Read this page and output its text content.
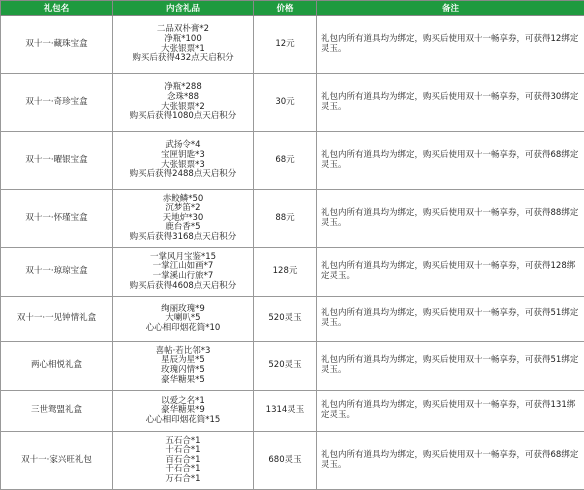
礼包名	内含礼品	价格	备注
双十一·藏珠宝盒	二品双朴膏*2
净瓶*100
大张银票*1
购买后获得432点天启积分	12元	礼包内所有道具均为绑定，购买后使用双十一畅享券，可获得12绑定灵玉。
双十一·奇珍宝盒	净瓶*288
念珠*88
大张银票*2
购买后获得1080点天启积分	30元	礼包内所有道具均为绑定，购买后使用双十一畅享券，可获得30绑定灵玉。
双十一·曜银宝盒	武扬令*4
宝匣钥匙*3
大张银票*3
购买后获得2488点天启积分	68元	礼包内所有道具均为绑定，购买后使用双十一畅享券，可获得68绑定灵玉。
双十一·怀瑾宝盒	赤鲛鳞*50
沉梦笛*2
天地炉*30
鹿台香*5
购买后获得3168点天启积分	88元	礼包内所有道具均为绑定，购买后使用双十一畅享券，可获得88绑定灵玉。
双十一·琼琼宝盒	一掌风月宝鉴*15
一掌江山如画*7
一掌溪山行旅*7
购买后获得4608点天启积分	128元	礼包内所有道具均为绑定，购买后使用双十一畅享券，可获得128绑定灵玉。
双十一·一见钟情礼盒	绚丽玫瑰*9
大喇叭*5
心心相印烟花筒*10	520灵玉	礼包内所有道具均为绑定，购买后使用双十一畅享券，可获得51绑定灵玉。
两心相悦礼盒	喜帖·若比邻*3
星辰为星*5
玫瑰闪情*5
豪华糖果*5	520灵玉	礼包内所有道具均为绑定，购买后使用双十一畅享券，可获得51绑定灵玉。
三世鸳盟礼盒	以爱之名*1
豪华糖果*9
心心相印烟花筒*15	1314灵玉	礼包内所有道具均为绑定，购买后使用双十一畅享券，可获得131绑定灵玉。
双十一·家兴旺礼包	五石合*1
十石合*1
百石合*1
千石合*1
万石合*1	680灵玉	礼包内所有道具均为绑定，购买后使用双十一畅享券，可获得68绑定灵玉。
